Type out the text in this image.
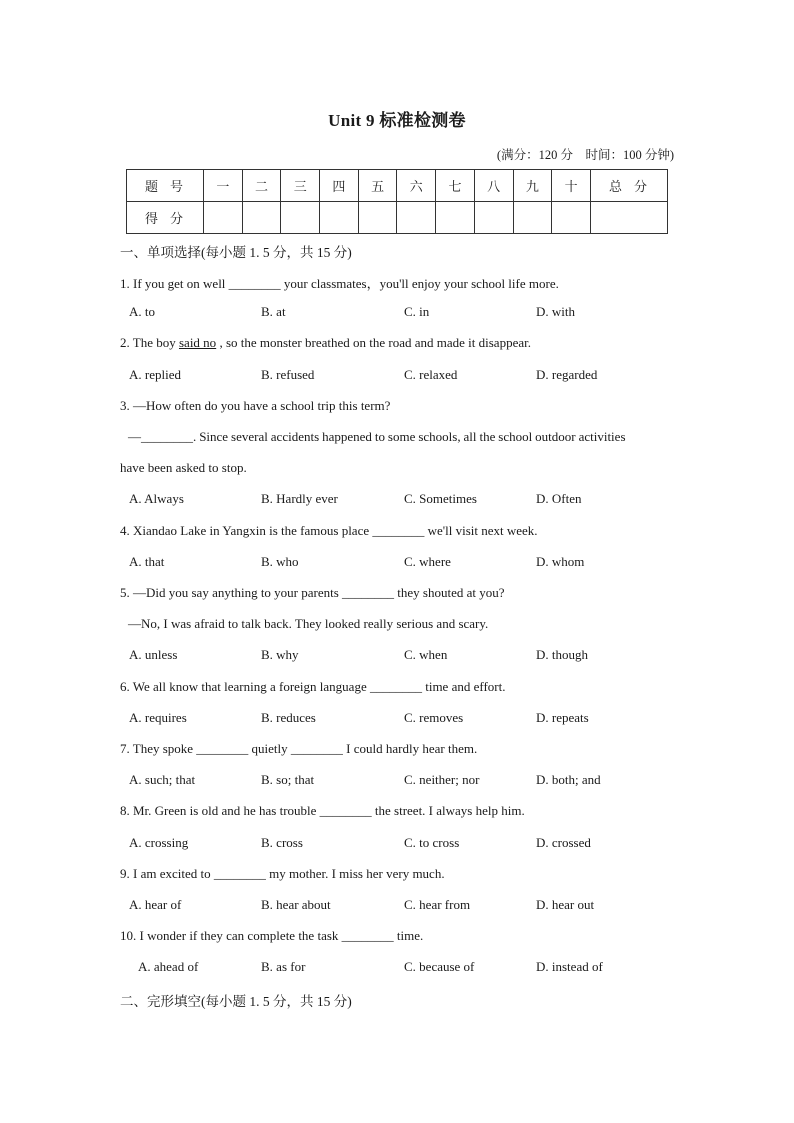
Unit 9 标准检测卷
(满分：120 分　时间：100 分钟)
题号	一	二	三	四	五	六	七	八	九	十	总分
得分											
一、单项选择(每小题 1. 5 分，共 15 分)
1. If you get on well ________ your classmates，you'll enjoy your school life more.
A. to	B. at	C. in	D. with
2. The boy said no , so the monster breathed on the road and made it disappear.
A. replied	B. refused	C. relaxed	D. regarded
3. —How often do you have a school trip this term?
—________. Since several accidents happened to some schools, all the school outdoor activities
have been asked to stop.
A. Always	B. Hardly ever	C. Sometimes	D. Often
4. Xiandao Lake in Yangxin is the famous place ________ we'll visit next week.
A. that	B. who	C. where	D. whom
5. —Did you say anything to your parents ________ they shouted at you?
—No, I was afraid to talk back. They looked really serious and scary.
A. unless	B. why	C. when	D. though
6. We all know that learning a foreign language ________ time and effort.
A. requires	B. reduces	C. removes	D. repeats
7. They spoke ________ quietly ________ I could hardly hear them.
A. such; that	B. so; that	C. neither; nor	D. both; and
8. Mr. Green is old and he has trouble ________ the street. I always help him.
A. crossing	B. cross	C. to cross	D. crossed
9. I am excited to ________ my mother. I miss her very much.
A. hear of	B. hear about	C. hear from	D. hear out
10. I wonder if they can complete the task ________ time.
A. ahead of	B. as for	C. because of	D. instead of
二、完形填空(每小题 1. 5 分，共 15 分)
